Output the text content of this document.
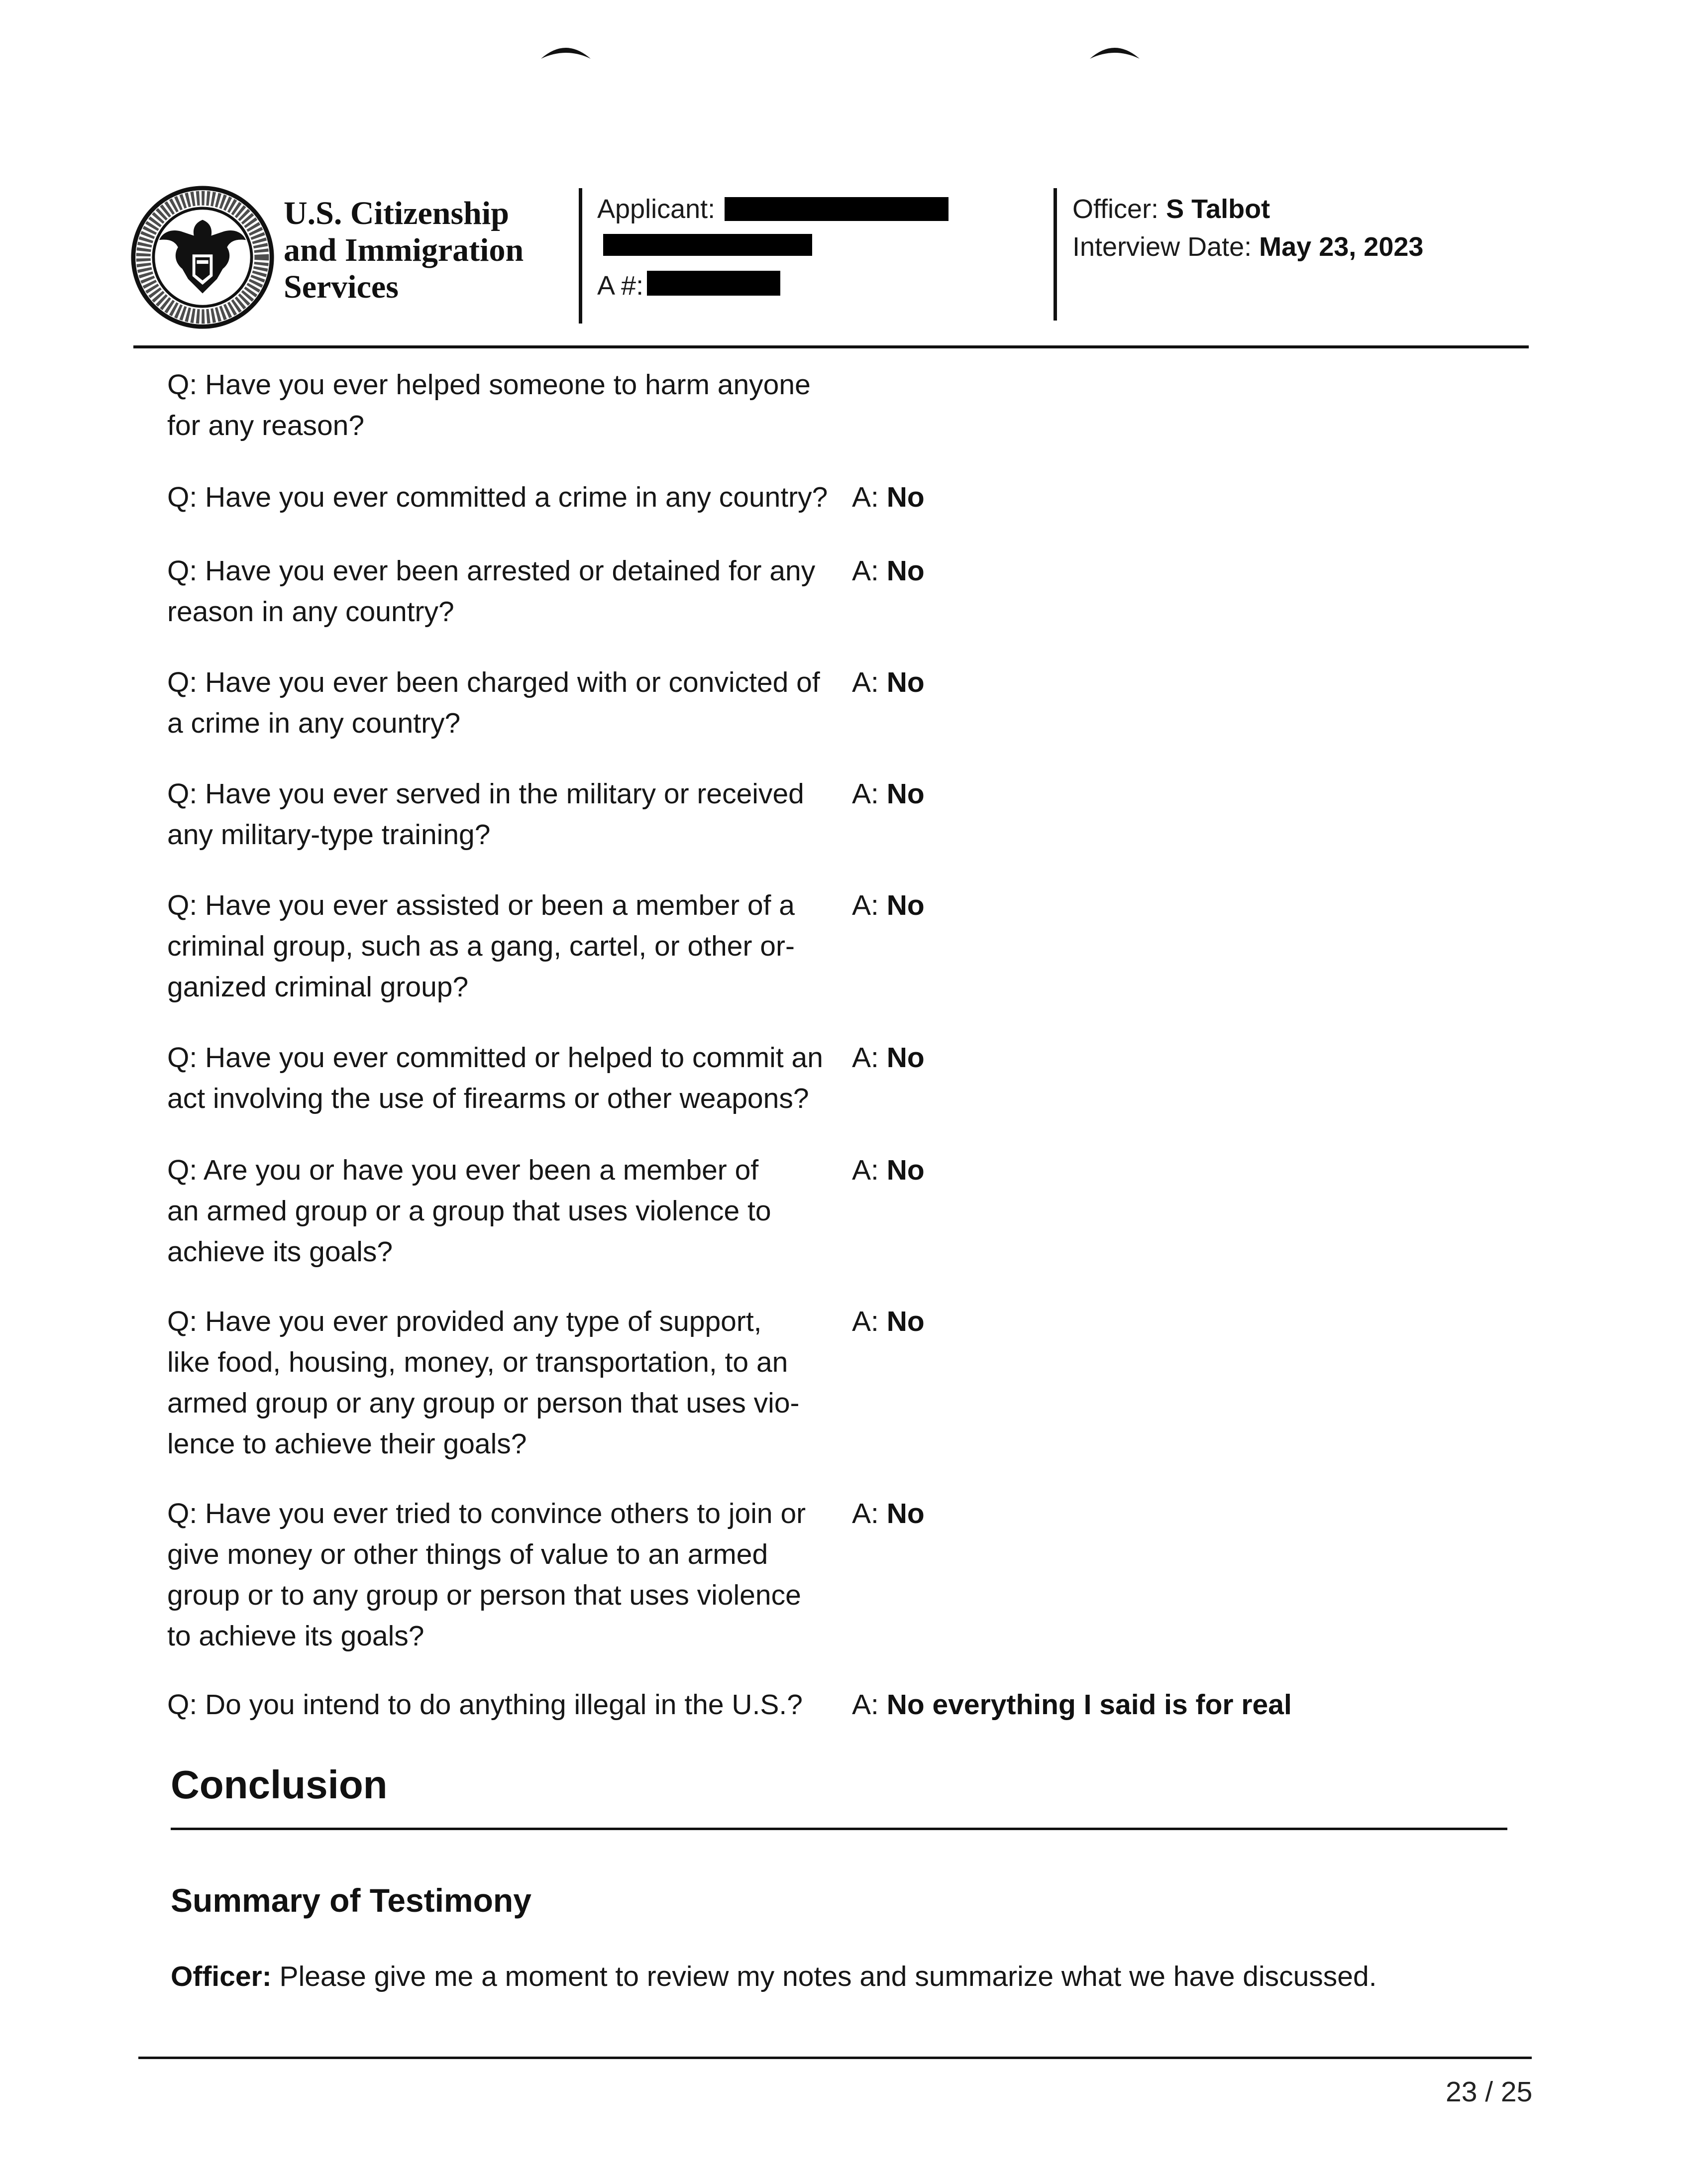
U.S. Citizenship
and Immigration
Services
Applicant:
A #:
Officer: S Talbot
Interview Date: May 23, 2023
Q: Have you ever helped someone to harm anyone
for any reason?
Q: Have you ever committed a crime in any country? A: No
Q: Have you ever been arrested or detained for any
reason in any country?
A: No
Q: Have you ever been charged with or convicted of
a crime in any country?
A: No
Q: Have you ever served in the military or received
any military-type training?
A: No
Q: Have you ever assisted or been a member of a
criminal group, such as a gang, cartel, or other or-
ganized criminal group?
A: No
Q: Have you ever committed or helped to commit an
act involving the use of firearms or other weapons?
A: No
Q: Are you or have you ever been a member of
an armed group or a group that uses violence to
achieve its goals?
A: No
Q: Have you ever provided any type of support,
like food, housing, money, or transportation, to an
armed group or any group or person that uses vio-
lence to achieve their goals?
A: No
Q: Have you ever tried to convince others to join or
give money or other things of value to an armed
group or to any group or person that uses violence
to achieve its goals?
A: No
Q: Do you intend to do anything illegal in the U.S.?	A: No everything I said is for real
Conclusion
Summary of Testimony
Officer: Please give me a moment to review my notes and summarize what we have discussed.
23 / 25
